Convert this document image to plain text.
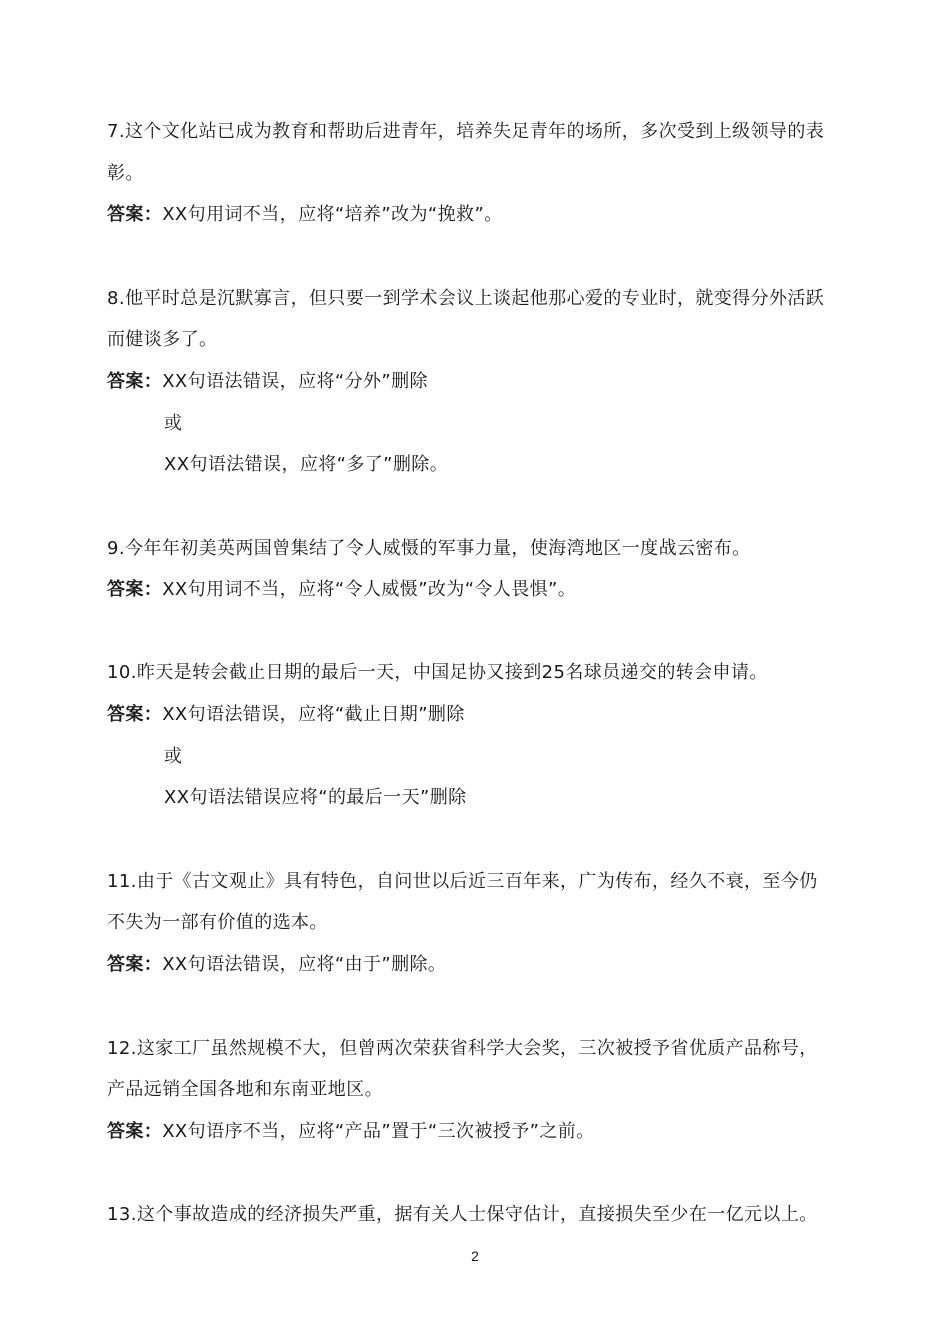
7.这个文化站已成为教育和帮助后进青年，培养失足青年的场所，多次受到上级领导的表
彰。
答案：XX句用词不当，应将“培养”改为“挽救”。
8.他平时总是沉默寡言，但只要一到学术会议上谈起他那心爱的专业时，就变得分外活跃
而健谈多了。
答案：XX句语法错误，应将“分外”删除
或
XX句语法错误，应将“多了”删除。
9.今年年初美英两国曾集结了令人威慑的军事力量，使海湾地区一度战云密布。
答案：XX句用词不当，应将“令人威慑”改为“令人畏惧”。
10.昨天是转会截止日期的最后一天，中国足协又接到25名球员递交的转会申请。
答案：XX句语法错误，应将“截止日期”删除
或
XX句语法错误应将“的最后一天”删除
11.由于《古文观止》具有特色，自问世以后近三百年来，广为传布，经久不衰，至今仍
不失为一部有价值的选本。
答案：XX句语法错误，应将“由于”删除。
12.这家工厂虽然规模不大，但曾两次荣获省科学大会奖，三次被授予省优质产品称号，
产品远销全国各地和东南亚地区。
答案：XX句语序不当，应将“产品”置于“三次被授予”之前。
13.这个事故造成的经济损失严重，据有关人士保守估计，直接损失至少在一亿元以上。
2
